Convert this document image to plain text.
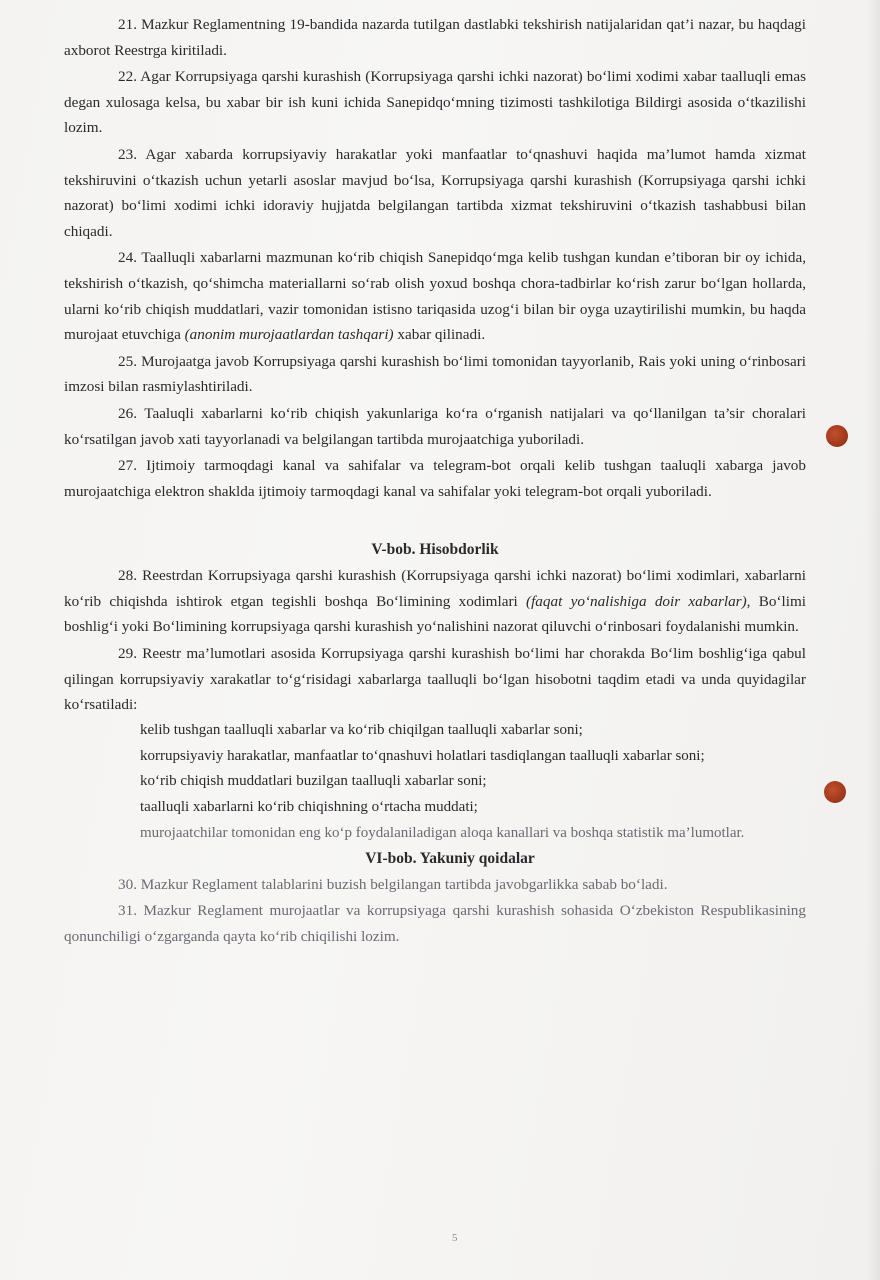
21. Mazkur Reglamentning 19-bandida nazarda tutilgan dastlabki tekshirish natijalaridan qat’i nazar, bu haqdagi axborot Reestrga kiritiladi.

22. Agar Korrupsiyaga qarshi kurashish (Korrupsiyaga qarshi ichki nazorat) bo‘limi xodimi xabar taalluqli emas degan xulosaga kelsa, bu xabar bir ish kuni ichida Sanepidqo‘mning tizimosti tashkilotiga Bildirgi asosida o‘tkazilishi lozim.

23. Agar xabarda korrupsiyaviy harakatlar yoki manfaatlar to‘qnashuvi haqida ma’lumot hamda xizmat tekshiruvini o‘tkazish uchun yetarli asoslar mavjud bo‘lsa, Korrupsiyaga qarshi kurashish (Korrupsiyaga qarshi ichki nazorat) bo‘limi xodimi ichki idoraviy hujjatda belgilangan tartibda xizmat tekshiruvini o‘tkazish tashabbusi bilan chiqadi.

24. Taalluqli xabarlarni mazmunan ko‘rib chiqish Sanepidqo‘mga kelib tushgan kundan e’tiboran bir oy ichida, tekshirish o‘tkazish, qo‘shimcha materiallarni so‘rab olish yoxud boshqa chora-tadbirlar ko‘rish zarur bo‘lgan hollarda, ularni ko‘rib chiqish muddatlari, vazir tomonidan istisno tariqasida uzog‘i bilan bir oyga uzaytirilishi mumkin, bu haqda murojaat etuvchiga (anonim murojaatlardan tashqari) xabar qilinadi.

25. Murojaatga javob Korrupsiyaga qarshi kurashish bo‘limi tomonidan tayyorlanib, Rais yoki uning o‘rinbosari imzosi bilan rasmiylashtiriladi.

26. Taaluqli xabarlarni ko‘rib chiqish yakunlariga ko‘ra o‘rganish natijalari va qo‘llanilgan ta’sir choralari ko‘rsatilgan javob xati tayyorlanadi va belgilangan tartibda murojaatchiga yuboriladi.

27. Ijtimoiy tarmoqdagi kanal va sahifalar va telegram-bot orqali kelib tushgan taaluqli xabarga javob murojaatchiga elektron shaklda ijtimoiy tarmoqdagi kanal va sahifalar yoki telegram-bot orqali yuboriladi.

V-bob. Hisobdorlik

28. Reestrdan Korrupsiyaga qarshi kurashish (Korrupsiyaga qarshi ichki nazorat) bo‘limi xodimlari, xabarlarni ko‘rib chiqishda ishtirok etgan tegishli boshqa Bo‘limining xodimlari (faqat yo‘nalishiga doir xabarlar), Bo‘limi boshlig‘i yoki Bo‘limining korrupsiyaga qarshi kurashish yo‘nalishini nazorat qiluvchi o‘rinbosari foydalanishi mumkin.

29. Reestr ma’lumotlari asosida Korrupsiyaga qarshi kurashish bo‘limi har chorakda Bo‘lim boshlig‘iga qabul qilingan korrupsiyaviy xarakatlar to‘g‘risidagi xabarlarga taalluqli bo‘lgan hisobotni taqdim etadi va unda quyidagilar ko‘rsatiladi:

kelib tushgan taalluqli xabarlar va ko‘rib chiqilgan taalluqli xabarlar soni;

korrupsiyaviy harakatlar, manfaatlar to‘qnashuvi holatlari tasdiqlangan taalluqli xabarlar soni;

ko‘rib chiqish muddatlari buzilgan taalluqli xabarlar soni;

taalluqli xabarlarni ko‘rib chiqishning o‘rtacha muddati;

murojaatchilar tomonidan eng ko‘p foydalaniladigan aloqa kanallari va boshqa statistik ma’lumotlar.

VI-bob. Yakuniy qoidalar

30. Mazkur Reglament talablarini buzish belgilangan tartibda javobgarlikka sabab bo‘ladi.

31. Mazkur Reglament murojaatlar va korrupsiyaga qarshi kurashish sohasida O‘zbekiston Respublikasining qonunchiligi o‘zgarganda qayta ko‘rib chiqilishi lozim.

5
